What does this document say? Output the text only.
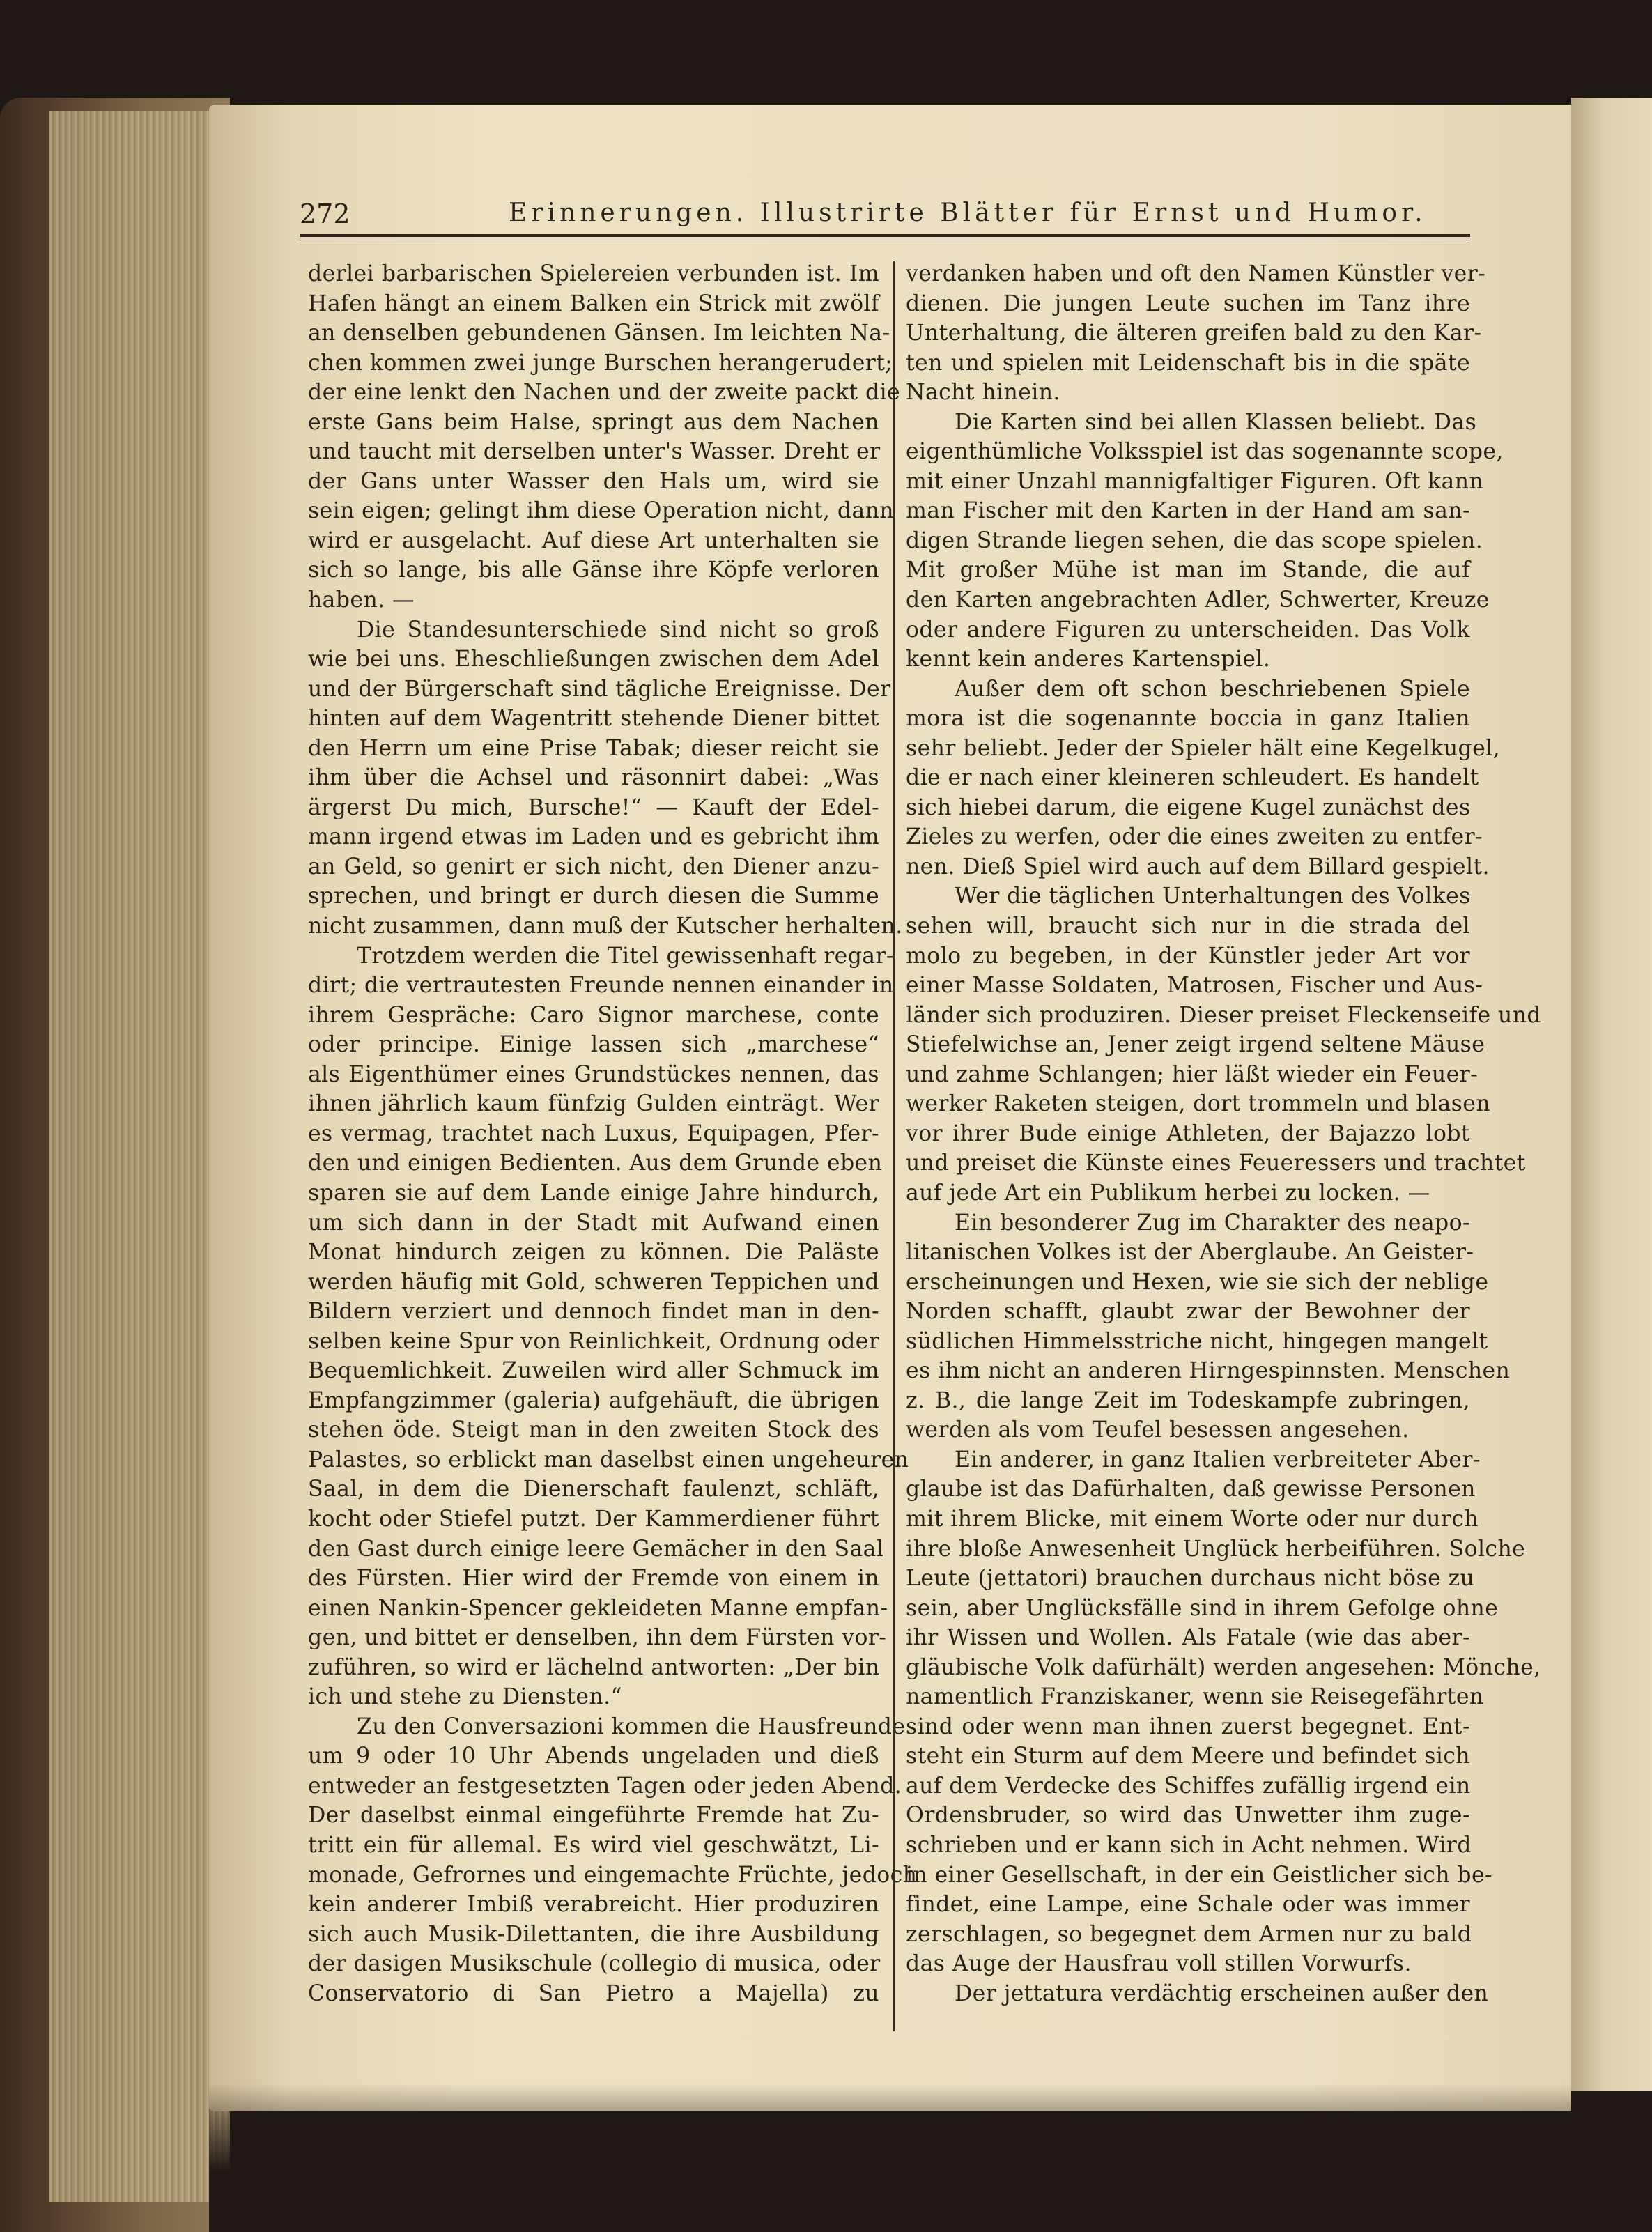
272	Erinnerungen. Illustrirte Blätter für Ernst und Humor.
derlei barbarischen Spielereien verbunden ist. Im
Hafen hängt an einem Balken ein Strick mit zwölf
an denselben gebundenen Gänsen. Im leichten Na-
chen kommen zwei junge Burschen herangerudert;
der eine lenkt den Nachen und der zweite packt die
erste Gans beim Halse, springt aus dem Nachen
und taucht mit derselben unter's Wasser. Dreht er
der Gans unter Wasser den Hals um, wird sie
sein eigen; gelingt ihm diese Operation nicht, dann
wird er ausgelacht. Auf diese Art unterhalten sie
sich so lange, bis alle Gänse ihre Köpfe verloren
haben. —
Die Standesunterschiede sind nicht so groß
wie bei uns. Eheschließungen zwischen dem Adel
und der Bürgerschaft sind tägliche Ereignisse. Der
hinten auf dem Wagentritt stehende Diener bittet
den Herrn um eine Prise Tabak; dieser reicht sie
ihm über die Achsel und räsonnirt dabei: „Was
ärgerst Du mich, Bursche!“ — Kauft der Edel-
mann irgend etwas im Laden und es gebricht ihm
an Geld, so genirt er sich nicht, den Diener anzu-
sprechen, und bringt er durch diesen die Summe
nicht zusammen, dann muß der Kutscher herhalten.
Trotzdem werden die Titel gewissenhaft regar-
dirt; die vertrautesten Freunde nennen einander in
ihrem Gespräche: Caro Signor marchese, conte
oder principe. Einige lassen sich „marchese“
als Eigenthümer eines Grundstückes nennen, das
ihnen jährlich kaum fünfzig Gulden einträgt. Wer
es vermag, trachtet nach Luxus, Equipagen, Pfer-
den und einigen Bedienten. Aus dem Grunde eben
sparen sie auf dem Lande einige Jahre hindurch,
um sich dann in der Stadt mit Aufwand einen
Monat hindurch zeigen zu können. Die Paläste
werden häufig mit Gold, schweren Teppichen und
Bildern verziert und dennoch findet man in den-
selben keine Spur von Reinlichkeit, Ordnung oder
Bequemlichkeit. Zuweilen wird aller Schmuck im
Empfangzimmer (galeria) aufgehäuft, die übrigen
stehen öde. Steigt man in den zweiten Stock des
Palastes, so erblickt man daselbst einen ungeheuren
Saal, in dem die Dienerschaft faulenzt, schläft,
kocht oder Stiefel putzt. Der Kammerdiener führt
den Gast durch einige leere Gemächer in den Saal
des Fürsten. Hier wird der Fremde von einem in
einen Nankin-Spencer gekleideten Manne empfan-
gen, und bittet er denselben, ihn dem Fürsten vor-
zuführen, so wird er lächelnd antworten: „Der bin
ich und stehe zu Diensten.“
Zu den Conversazioni kommen die Hausfreunde
um 9 oder 10 Uhr Abends ungeladen und dieß
entweder an festgesetzten Tagen oder jeden Abend.
Der daselbst einmal eingeführte Fremde hat Zu-
tritt ein für allemal. Es wird viel geschwätzt, Li-
monade, Gefrornes und eingemachte Früchte, jedoch
kein anderer Imbiß verabreicht. Hier produziren
sich auch Musik-Dilettanten, die ihre Ausbildung
der dasigen Musikschule (collegio di musica, oder
Conservatorio di San Pietro a Majella) zu
verdanken haben und oft den Namen Künstler ver-
dienen. Die jungen Leute suchen im Tanz ihre
Unterhaltung, die älteren greifen bald zu den Kar-
ten und spielen mit Leidenschaft bis in die späte
Nacht hinein.
Die Karten sind bei allen Klassen beliebt. Das
eigenthümliche Volksspiel ist das sogenannte scope,
mit einer Unzahl mannigfaltiger Figuren. Oft kann
man Fischer mit den Karten in der Hand am san-
digen Strande liegen sehen, die das scope spielen.
Mit großer Mühe ist man im Stande, die auf
den Karten angebrachten Adler, Schwerter, Kreuze
oder andere Figuren zu unterscheiden. Das Volk
kennt kein anderes Kartenspiel.
Außer dem oft schon beschriebenen Spiele
mora ist die sogenannte boccia in ganz Italien
sehr beliebt. Jeder der Spieler hält eine Kegelkugel,
die er nach einer kleineren schleudert. Es handelt
sich hiebei darum, die eigene Kugel zunächst des
Zieles zu werfen, oder die eines zweiten zu entfer-
nen. Dieß Spiel wird auch auf dem Billard gespielt.
Wer die täglichen Unterhaltungen des Volkes
sehen will, braucht sich nur in die strada del
molo zu begeben, in der Künstler jeder Art vor
einer Masse Soldaten, Matrosen, Fischer und Aus-
länder sich produziren. Dieser preiset Fleckenseife und
Stiefelwichse an, Jener zeigt irgend seltene Mäuse
und zahme Schlangen; hier läßt wieder ein Feuer-
werker Raketen steigen, dort trommeln und blasen
vor ihrer Bude einige Athleten, der Bajazzo lobt
und preiset die Künste eines Feueressers und trachtet
auf jede Art ein Publikum herbei zu locken. —
Ein besonderer Zug im Charakter des neapo-
litanischen Volkes ist der Aberglaube. An Geister-
erscheinungen und Hexen, wie sie sich der neblige
Norden schafft, glaubt zwar der Bewohner der
südlichen Himmelsstriche nicht, hingegen mangelt
es ihm nicht an anderen Hirngespinnsten. Menschen
z. B., die lange Zeit im Todeskampfe zubringen,
werden als vom Teufel besessen angesehen.
Ein anderer, in ganz Italien verbreiteter Aber-
glaube ist das Dafürhalten, daß gewisse Personen
mit ihrem Blicke, mit einem Worte oder nur durch
ihre bloße Anwesenheit Unglück herbeiführen. Solche
Leute (jettatori) brauchen durchaus nicht böse zu
sein, aber Unglücksfälle sind in ihrem Gefolge ohne
ihr Wissen und Wollen. Als Fatale (wie das aber-
gläubische Volk dafürhält) werden angesehen: Mönche,
namentlich Franziskaner, wenn sie Reisegefährten
sind oder wenn man ihnen zuerst begegnet. Ent-
steht ein Sturm auf dem Meere und befindet sich
auf dem Verdecke des Schiffes zufällig irgend ein
Ordensbruder, so wird das Unwetter ihm zuge-
schrieben und er kann sich in Acht nehmen. Wird
in einer Gesellschaft, in der ein Geistlicher sich be-
findet, eine Lampe, eine Schale oder was immer
zerschlagen, so begegnet dem Armen nur zu bald
das Auge der Hausfrau voll stillen Vorwurfs.
Der jettatura verdächtig erscheinen außer den
